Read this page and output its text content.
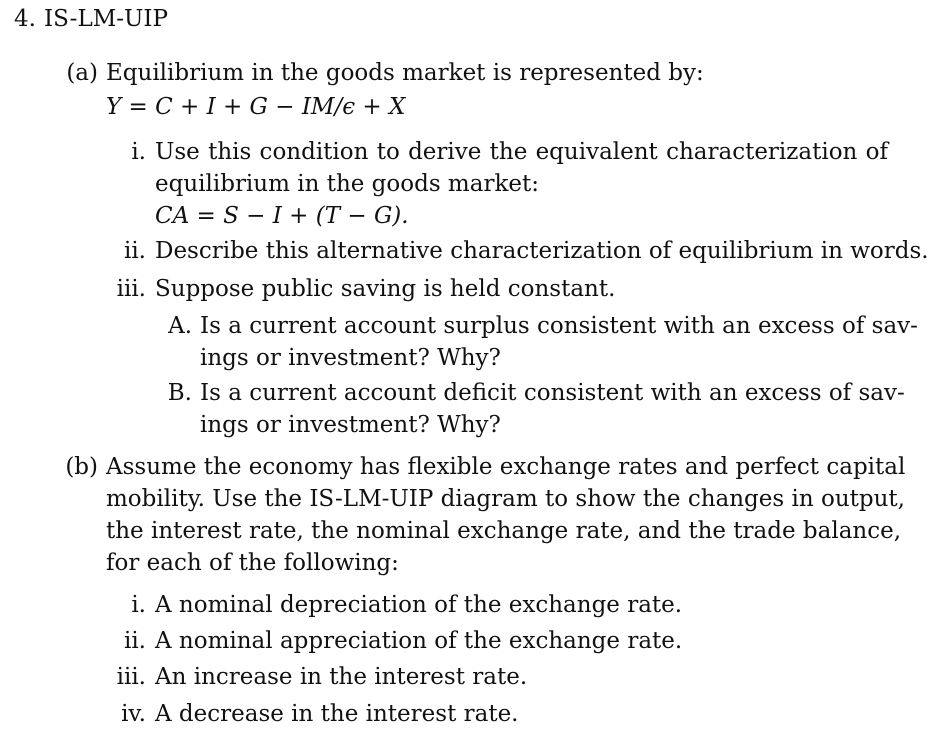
4. IS-LM-UIP
(a) Equilibrium in the goods market is represented by:
Y = C + I + G − IM/ϵ + X
i. Use this condition to derive the equivalent characterization of
equilibrium in the goods market:
CA = S − I + (T − G).
ii. Describe this alternative characterization of equilibrium in words.
iii. Suppose public saving is held constant.
A. Is a current account surplus consistent with an excess of sav-
ings or investment? Why?
B. Is a current account deficit consistent with an excess of sav-
ings or investment? Why?
(b) Assume the economy has flexible exchange rates and perfect capital
mobility. Use the IS-LM-UIP diagram to show the changes in output,
the interest rate, the nominal exchange rate, and the trade balance,
for each of the following:
i. A nominal depreciation of the exchange rate.
ii. A nominal appreciation of the exchange rate.
iii. An increase in the interest rate.
iv. A decrease in the interest rate.
